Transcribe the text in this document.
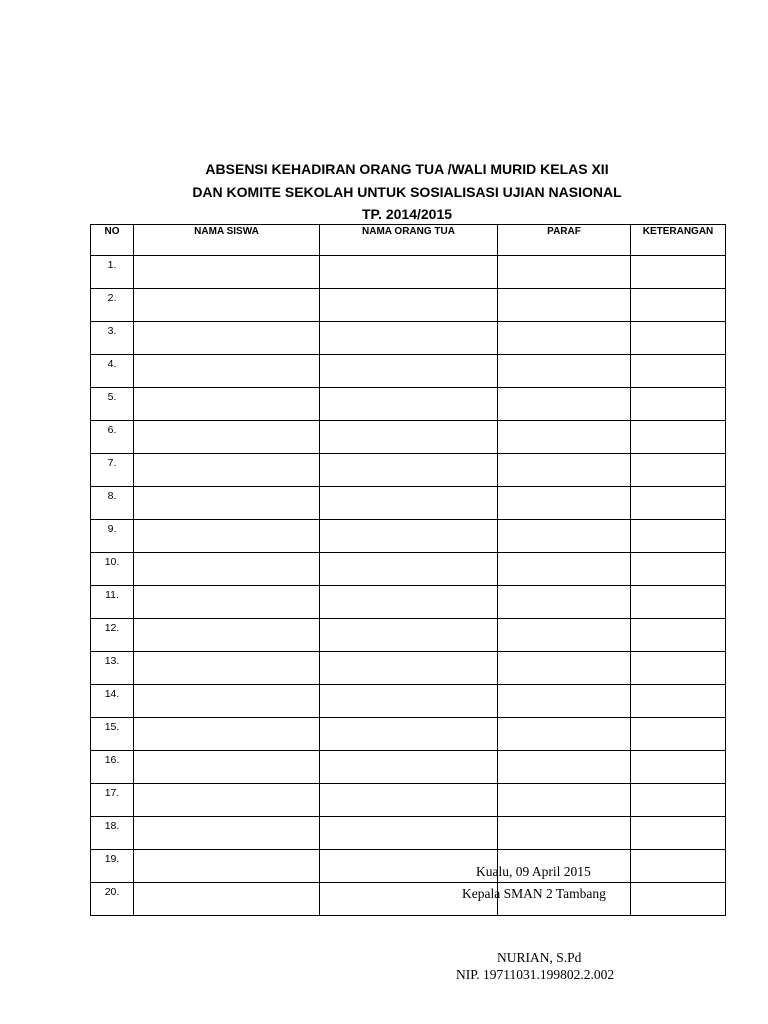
ABSENSI KEHADIRAN ORANG TUA /WALI MURID KELAS XII
DAN KOMITE SEKOLAH UNTUK SOSIALISASI UJIAN NASIONAL
TP. 2014/2015
NO	NAMA SISWA	NAMA ORANG TUA	PARAF	KETERANGAN
1.				
2.				
3.				
4.				
5.				
6.				
7.				
8.				
9.				
10.				
11.				
12.				
13.				
14.				
15.				
16.				
17.				
18.				
19.				
20.				
Kualu, 09 April 2015
Kepala SMAN 2 Tambang
NURIAN, S.Pd
NIP. 19711031.199802.2.002
